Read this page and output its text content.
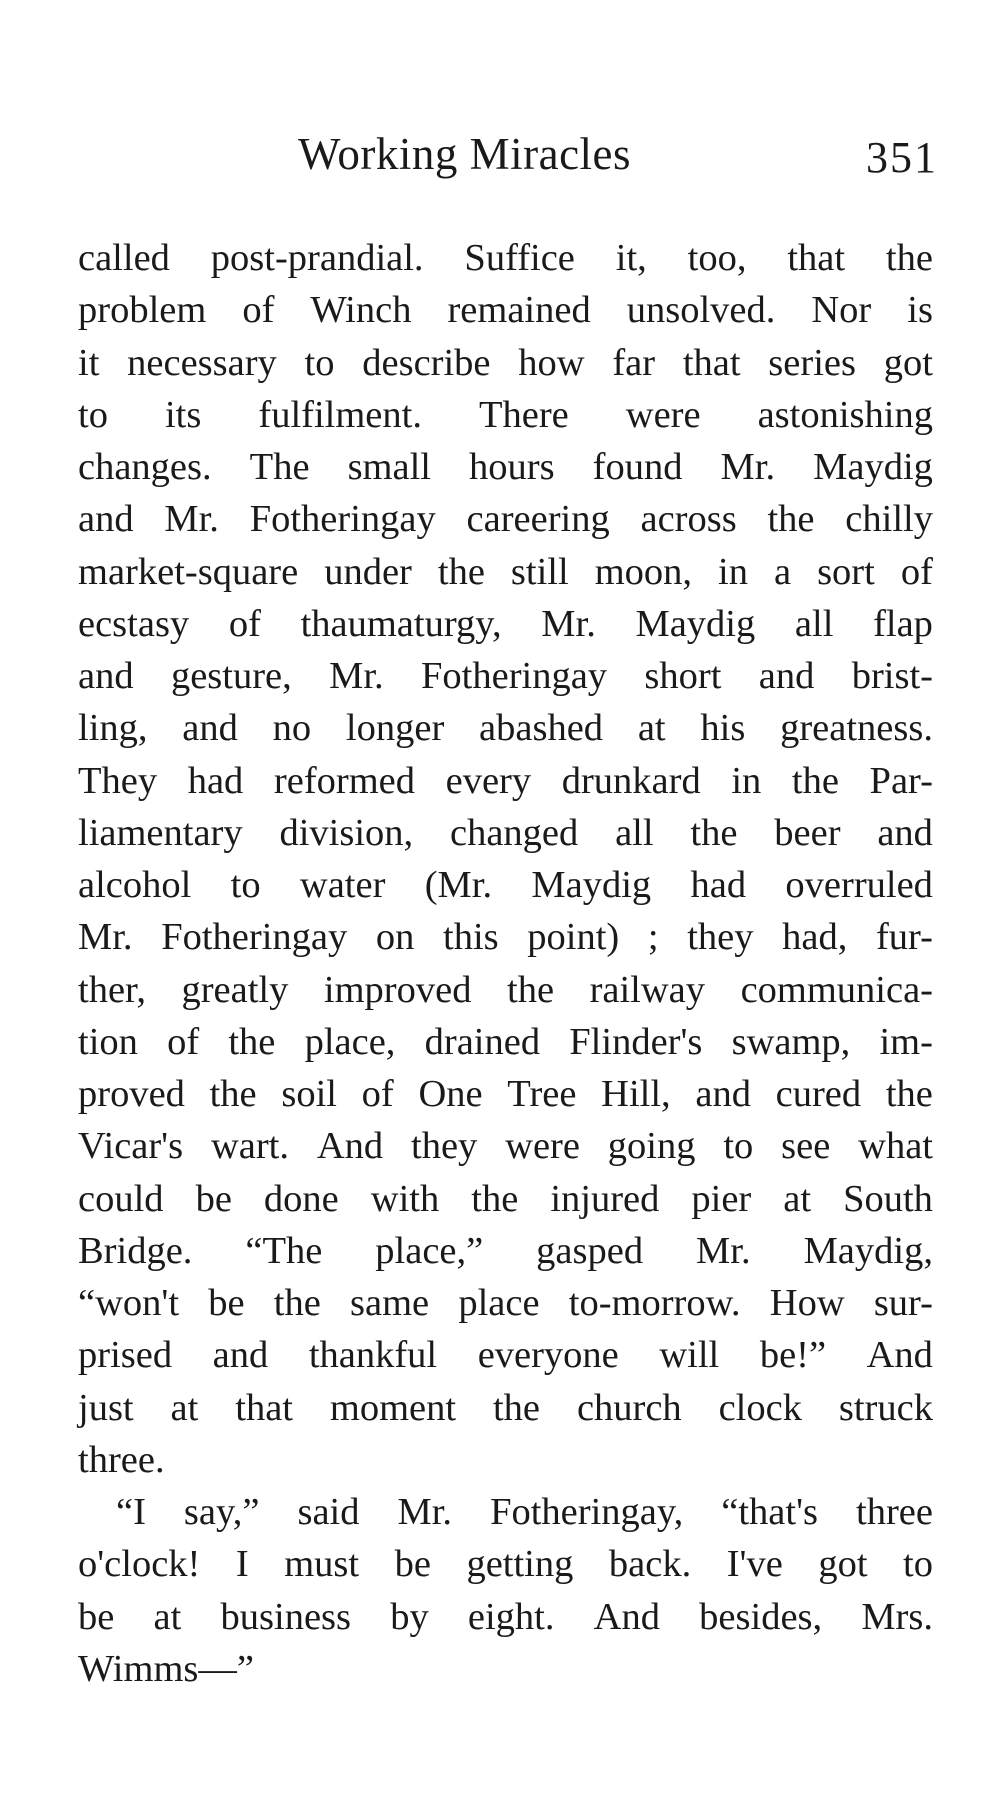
Working Miracles	351
called post-prandial. Suffice it, too, that the
problem of Winch remained unsolved. Nor is
it necessary to describe how far that series got
to its fulfilment. There were astonishing
changes. The small hours found Mr. Maydig
and Mr. Fotheringay careering across the chilly
market-square under the still moon, in a sort of
ecstasy of thaumaturgy, Mr. Maydig all flap
and gesture, Mr. Fotheringay short and brist-
ling, and no longer abashed at his greatness.
They had reformed every drunkard in the Par-
liamentary division, changed all the beer and
alcohol to water (Mr. Maydig had overruled
Mr. Fotheringay on this point) ; they had, fur-
ther, greatly improved the railway communica-
tion of the place, drained Flinder's swamp, im-
proved the soil of One Tree Hill, and cured the
Vicar's wart. And they were going to see what
could be done with the injured pier at South
Bridge. “The place,” gasped Mr. Maydig,
“won't be the same place to-morrow. How sur-
prised and thankful everyone will be!” And
just at that moment the church clock struck
three.
“I say,” said Mr. Fotheringay, “that's three
o'clock! I must be getting back. I've got to
be at business by eight. And besides, Mrs.
Wimms—”
